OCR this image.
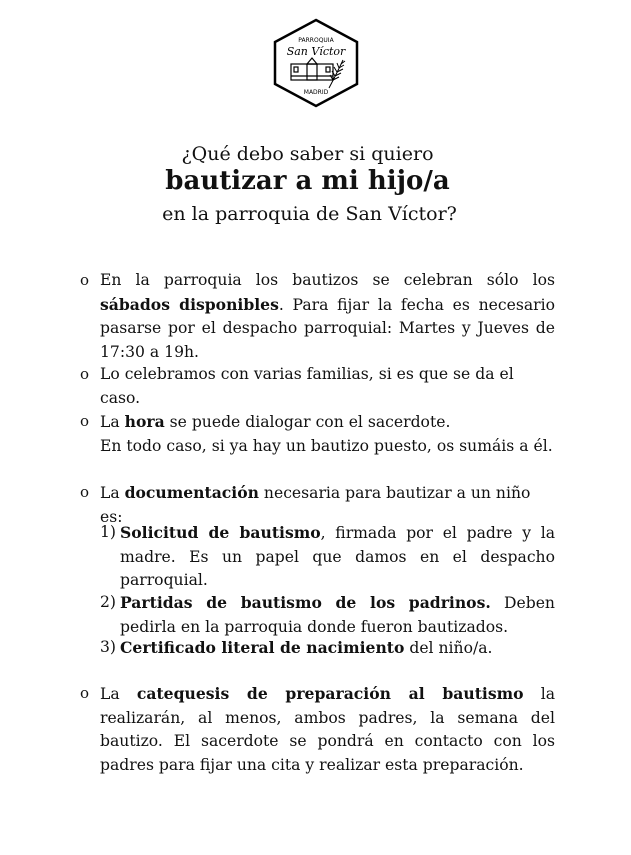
PARROQUIA
San Víctor
MADRID
¿Qué debo saber si quiero
bautizar a mi hijo/a
en la parroquia de San Víctor?
o En la parroquia los bautizos se celebran sólo los sábados disponibles. Para fijar la fecha es necesario pasarse por el despacho parroquial: Martes y Jueves de 17:30 a 19h.
o Lo celebramos con varias familias, si es que se da el caso.
o La hora se puede dialogar con el sacerdote.
En todo caso, si ya hay un bautizo puesto, os sumáis a él.
o La documentación necesaria para bautizar a un niño es:
1) Solicitud de bautismo, firmada por el padre y la madre. Es un papel que damos en el despacho parroquial.
2) Partidas de bautismo de los padrinos. Deben pedirla en la parroquia donde fueron bautizados.
3) Certificado literal de nacimiento del niño/a.
o La catequesis de preparación al bautismo la realizarán, al menos, ambos padres, la semana del bautizo. El sacerdote se pondrá en contacto con los padres para fijar una cita y realizar esta preparación.
